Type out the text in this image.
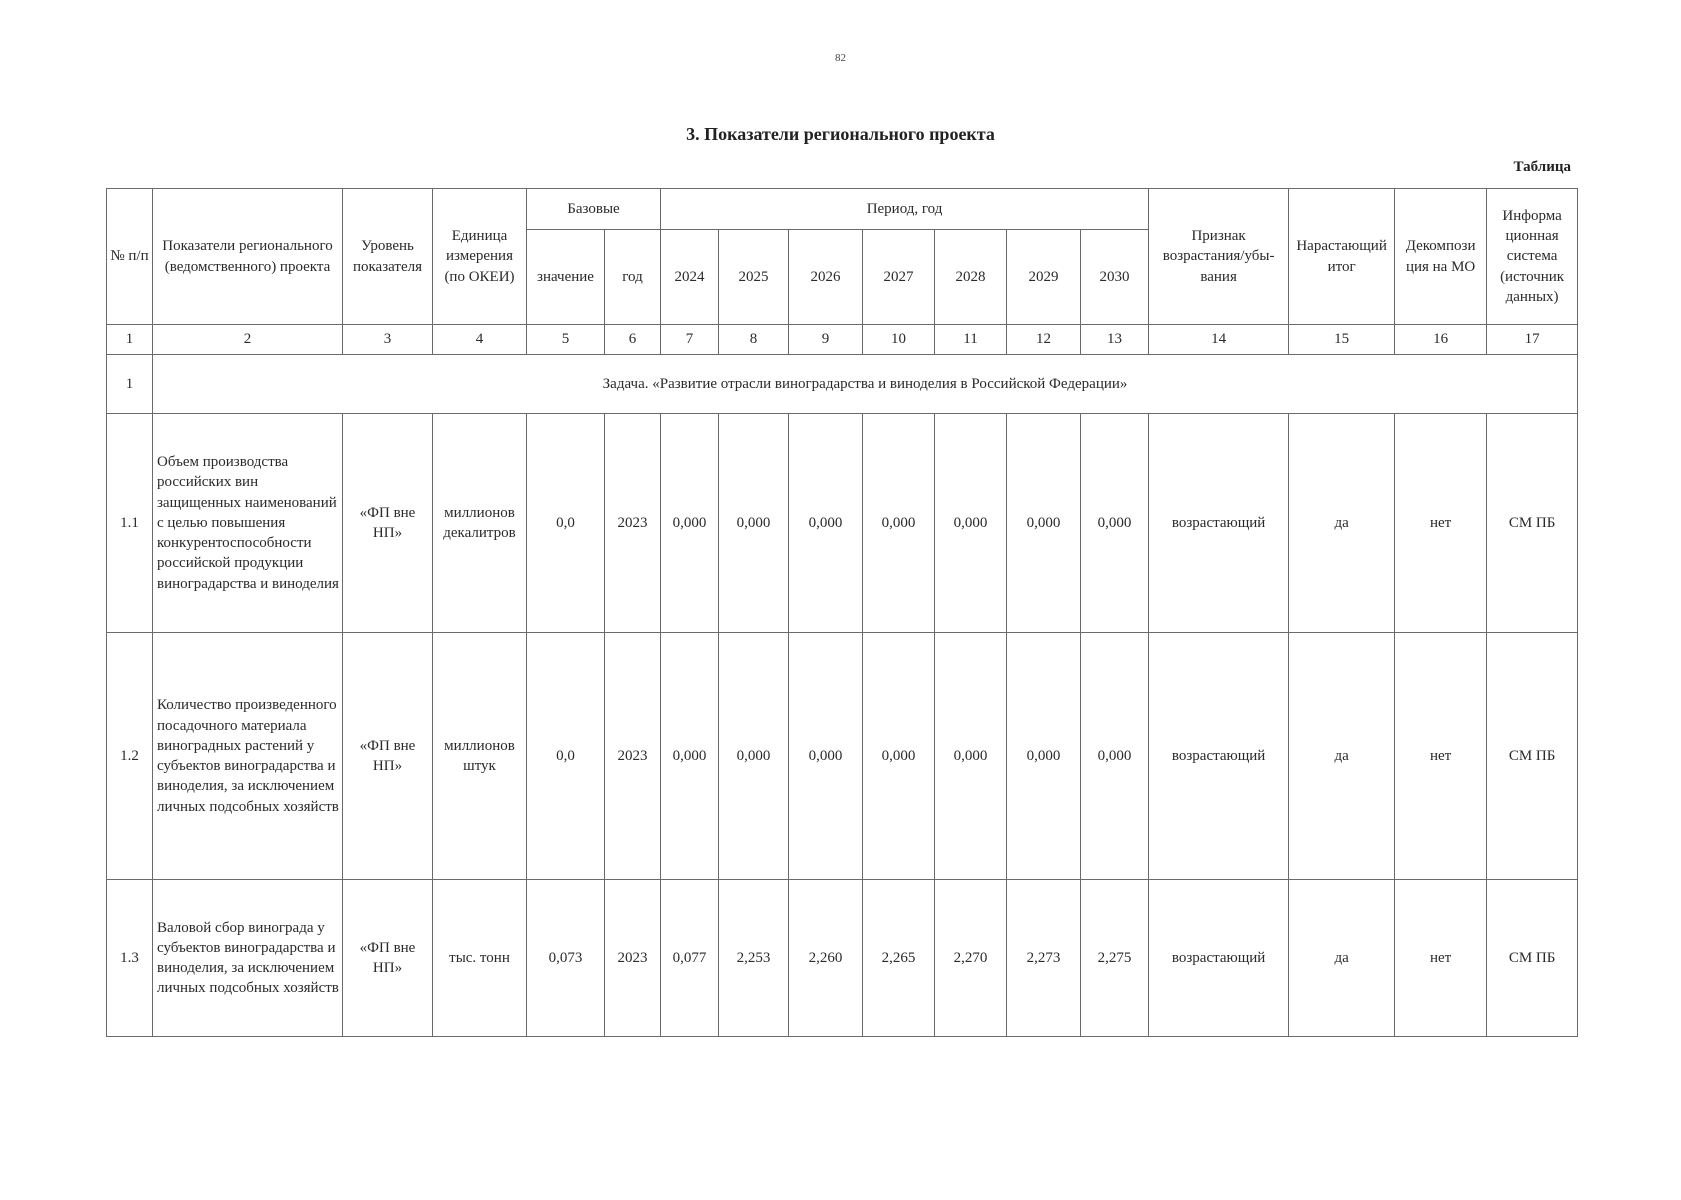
82
3. Показатели регионального проекта
Таблица
№ п/п	Показатели регионального (ведомственного) проекта	Уровень показателя	Единица измерения (по ОКЕИ)	Базовые		Период, год							Признак возрастания/убы-вания	Нарастающий итог	Декомпози ция на МО	Информа ционная система (источник данных)
				значение	год	2024	2025	2026	2027	2028	2029	2030				
1	2	3	4	5	6	7	8	9	10	11	12	13	14	15	16	17
1	Задача. «Развитие отрасли виноградарства и виноделия в Российской Федерации»															
1.1	Объем производства российских вин защищенных наименований с целью повышения конкурентоспособности российской продукции виноградарства и виноделия	«ФП вне НП»	миллионов декалитров	0,0	2023	0,000	0,000	0,000	0,000	0,000	0,000	0,000	возрастающий	да	нет	СМ ПБ
1.2	Количество произведенного посадочного материала виноградных растений у субъектов виноградарства и виноделия, за исключением личных подсобных хозяйств	«ФП вне НП»	миллионов штук	0,0	2023	0,000	0,000	0,000	0,000	0,000	0,000	0,000	возрастающий	да	нет	СМ ПБ
1.3	Валовой сбор винограда у субъектов виноградарства и виноделия, за исключением личных подсобных хозяйств	«ФП вне НП»	тыс. тонн	0,073	2023	0,077	2,253	2,260	2,265	2,270	2,273	2,275	возрастающий	да	нет	СМ ПБ
